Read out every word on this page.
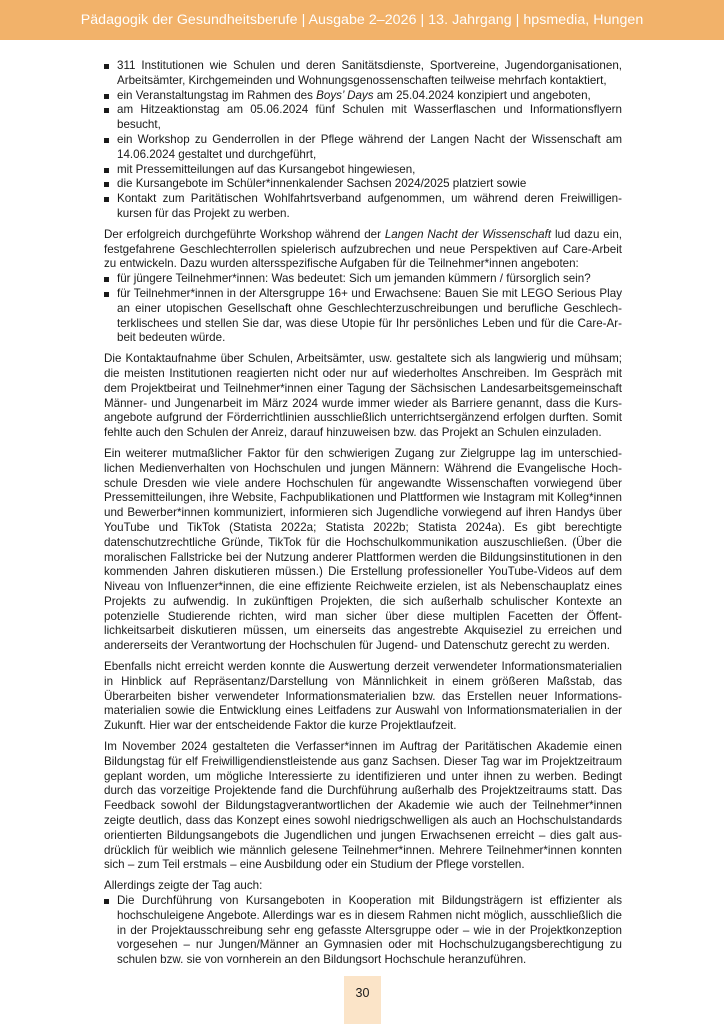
Pädagogik der Gesundheitsberufe | Ausgabe 2–2026 | 13. Jahrgang | hpsmedia, Hungen
311 Institutionen wie Schulen und deren Sanitätsdienste, Sportvereine, Jugendorganisationen, Arbeitsämter, Kirchgemeinden und Wohnungsgenossenschaften teilweise mehrfach kontaktiert,
ein Veranstaltungstag im Rahmen des Boys’ Days am 25.04.2024 konzipiert und angeboten,
am Hitzeaktionstag am 05.06.2024 fünf Schulen mit Wasserflaschen und Informationsflyern besucht,
ein Workshop zu Genderrollen in der Pflege während der Langen Nacht der Wissenschaft am 14.06.2024 gestaltet und durchgeführt,
mit Pressemitteilungen auf das Kursangebot hingewiesen,
die Kursangebote im Schüler*innenkalender Sachsen 2024/2025 platziert sowie
Kontakt zum Paritätischen Wohlfahrtsverband aufgenommen, um während deren Freiwilligenkursen für das Projekt zu werben.

Der erfolgreich durchgeführte Workshop während der Langen Nacht der Wissenschaft lud dazu ein, festgefahrene Geschlechterrollen spielerisch aufzubrechen und neue Perspektiven auf Care-Arbeit zu entwickeln. Dazu wurden altersspezifische Aufgaben für die Teilnehmer*innen angeboten:

für jüngere Teilnehmer*innen: Was bedeutet: Sich um jemanden kümmern / fürsorglich sein?
für Teilnehmer*innen in der Altersgruppe 16+ und Erwachsene: Bauen Sie mit LEGO Serious Play an einer utopischen Gesellschaft ohne Geschlechterzuschreibungen und berufliche Geschlechterklischees und stellen Sie dar, was diese Utopie für Ihr persönliches Leben und für die Care-Arbeit bedeuten würde.

Die Kontaktaufnahme über Schulen, Arbeitsämter, usw. gestaltete sich als langwierig und mühsam; die meisten Institutionen reagierten nicht oder nur auf wiederholtes Anschreiben. Im Gespräch mit dem Projektbeirat und Teilnehmer*innen einer Tagung der Sächsischen Landesarbeitsgemeinschaft Männer- und Jungenarbeit im März 2024 wurde immer wieder als Barriere genannt, dass die Kursangebote aufgrund der Förderrichtlinien ausschließlich unterrichtsergänzend erfolgen durften. Somit fehlte auch den Schulen der Anreiz, darauf hinzuweisen bzw. das Projekt an Schulen einzuladen.

Ein weiterer mutmaßlicher Faktor für den schwierigen Zugang zur Zielgruppe lag im unterschiedlichen Medienverhalten von Hochschulen und jungen Männern: Während die Evangelische Hochschule Dresden wie viele andere Hochschulen für angewandte Wissenschaften vorwiegend über Pressemitteilungen, ihre Website, Fachpublikationen und Plattformen wie Instagram mit Kolleg*innen und Bewerber*innen kommuniziert, informieren sich Jugendliche vorwiegend auf ihren Handys über YouTube und TikTok (Statista 2022a; Statista 2022b; Statista 2024a). Es gibt berechtigte datenschutzrechtliche Gründe, TikTok für die Hochschulkommunikation auszuschließen. (Über die moralischen Fallstricke bei der Nutzung anderer Plattformen werden die Bildungsinstitutionen in den kommenden Jahren diskutieren müssen.) Die Erstellung professioneller YouTube-Videos auf dem Niveau von Influenzer*innen, die eine effiziente Reichweite erzielen, ist als Nebenschauplatz eines Projekts zu aufwendig. In zukünftigen Projekten, die sich außerhalb schulischer Kontexte an potenzielle Studierende richten, wird man sicher über diese multiplen Facetten der Öffentlichkeitsarbeit diskutieren müssen, um einerseits das angestrebte Akquiseziel zu erreichen und andererseits der Verantwortung der Hochschulen für Jugend- und Datenschutz gerecht zu werden.

Ebenfalls nicht erreicht werden konnte die Auswertung derzeit verwendeter Informationsmaterialien in Hinblick auf Repräsentanz/Darstellung von Männlichkeit in einem größeren Maßstab, das Überarbeiten bisher verwendeter Informationsmaterialien bzw. das Erstellen neuer Informationsmaterialien sowie die Entwicklung eines Leitfadens zur Auswahl von Informationsmaterialien in der Zukunft. Hier war der entscheidende Faktor die kurze Projektlaufzeit.

Im November 2024 gestalteten die Verfasser*innen im Auftrag der Paritätischen Akademie einen Bildungstag für elf Freiwilligendienstleistende aus ganz Sachsen. Dieser Tag war im Projektzeitraum geplant worden, um mögliche Interessierte zu identifizieren und unter ihnen zu werben. Bedingt durch das vorzeitige Projektende fand die Durchführung außerhalb des Projektzeitraums statt. Das Feedback sowohl der Bildungstagverantwortlichen der Akademie wie auch der Teilnehmer*innen zeigte deutlich, dass das Konzept eines sowohl niedrigschwelligen als auch an Hochschulstandards orientierten Bildungsangebots die Jugendlichen und jungen Erwachsenen erreicht – dies galt ausdrücklich für weiblich wie männlich gelesene Teilnehmer*innen. Mehrere Teilnehmer*innen konnten sich – zum Teil erstmals – eine Ausbildung oder ein Studium der Pflege vorstellen.

Allerdings zeigte der Tag auch:

Die Durchführung von Kursangeboten in Kooperation mit Bildungsträgern ist effizienter als hochschuleigene Angebote. Allerdings war es in diesem Rahmen nicht möglich, ausschließlich die in der Projektausschreibung sehr eng gefasste Altersgruppe oder – wie in der Projektkonzeption vorgesehen – nur Jungen/Männer an Gymnasien oder mit Hochschulzugangsberechtigung zu schulen bzw. sie von vornherein an den Bildungsort Hochschule heranzuführen.
30
